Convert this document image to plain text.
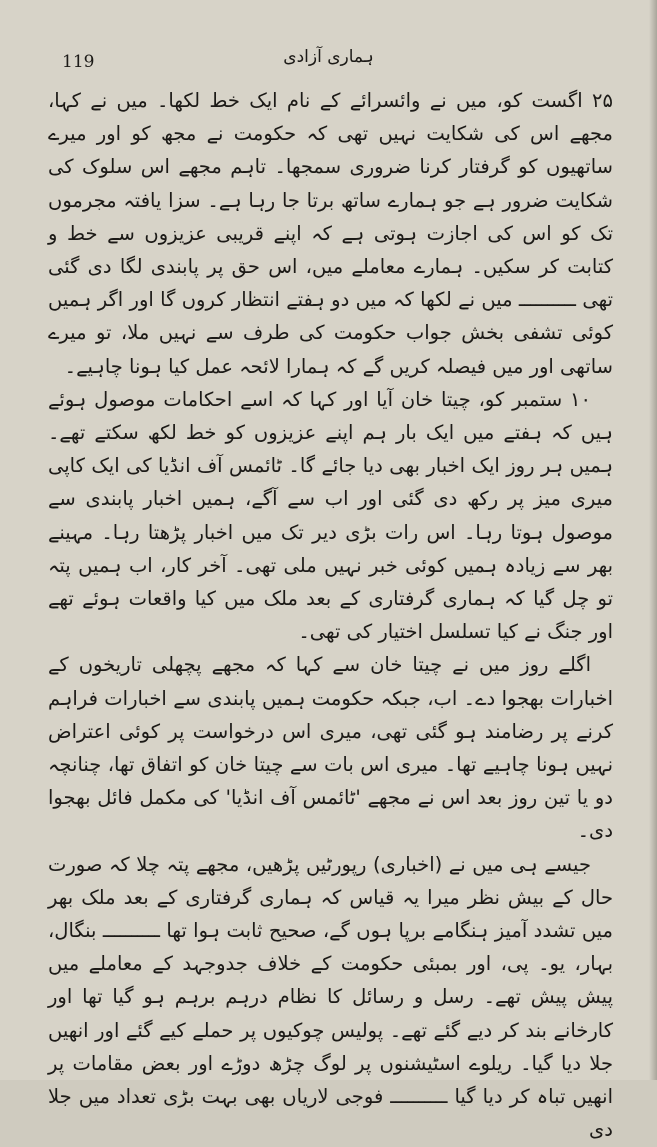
119	ہماری آزادی

۲۵ اگست کو، میں نے وائسرائے کے نام ایک خط لکھا۔ میں نے کہا، مجھے اس کی شکایت نہیں تھی کہ حکومت نے مجھ کو اور میرے ساتھیوں کو گرفتار کرنا ضروری سمجھا۔ تاہم مجھے اس سلوک کی شکایت ضرور ہے جو ہمارے ساتھ برتا جا رہا ہے۔ سزا یافتہ مجرموں تک کو اس کی اجازت ہوتی ہے کہ اپنے قریبی عزیزوں سے خط و کتابت کر سکیں۔ ہمارے معاملے میں، اس حق پر پابندی لگا دی گئی تھی ــــــــــ میں نے لکھا کہ میں دو ہفتے انتظار کروں گا اور اگر ہمیں کوئی تشفی بخش جواب حکومت کی طرف سے نہیں ملا، تو میرے ساتھی اور میں فیصلہ کریں گے کہ ہمارا لائحہ عمل کیا ہونا چاہیے۔

۱۰ ستمبر کو، چیتا خان آیا اور کہا کہ اسے احکامات موصول ہوئے ہیں کہ ہفتے میں ایک بار ہم اپنے عزیزوں کو خط لکھ سکتے تھے۔ ہمیں ہر روز ایک اخبار بھی دیا جائے گا۔ ٹائمس آف انڈیا کی ایک کاپی میری میز پر رکھ دی گئی اور اب سے آگے، ہمیں اخبار پابندی سے موصول ہوتا رہا۔ اس رات بڑی دیر تک میں اخبار پڑھتا رہا۔ مہینے بھر سے زیادہ ہمیں کوئی خبر نہیں ملی تھی۔ آخر کار، اب ہمیں پتہ تو چل گیا کہ ہماری گرفتاری کے بعد ملک میں کیا واقعات ہوئے تھے اور جنگ نے کیا تسلسل اختیار کی تھی۔

اگلے روز میں نے چیتا خان سے کہا کہ مجھے پچھلی تاریخوں کے اخبارات بھجوا دے۔ اب، جبکہ حکومت ہمیں پابندی سے اخبارات فراہم کرنے پر رضامند ہو گئی تھی، میری اس درخواست پر کوئی اعتراض نہیں ہونا چاہیے تھا۔ میری اس بات سے چیتا خان کو اتفاق تھا، چنانچہ دو یا تین روز بعد اس نے مجھے 'ٹائمس آف انڈیا' کی مکمل فائل بھجوا دی۔

جیسے ہی میں نے (اخباری) رپورٹیں پڑھیں، مجھے پتہ چلا کہ صورت حال کے بیش نظر میرا یہ قیاس کہ ہماری گرفتاری کے بعد ملک بھر میں تشدد آمیز ہنگامے برپا ہوں گے، صحیح ثابت ہوا تھا ــــــــــ بنگال، بہار، یو۔ پی، اور بمبئی حکومت کے خلاف جدوجہد کے معاملے میں پیش پیش تھے۔ رسل و رسائل کا نظام درہم برہم ہو گیا تھا اور کارخانے بند کر دیے گئے تھے۔ پولیس چوکیوں پر حملے کیے گئے اور انھیں جلا دیا گیا۔ ریلوے اسٹیشنوں پر لوگ چڑھ دوڑے اور بعض مقامات پر انھیں تباہ کر دیا گیا ــــــــــ فوجی لاریاں بھی بہت بڑی تعداد میں جلا دی
